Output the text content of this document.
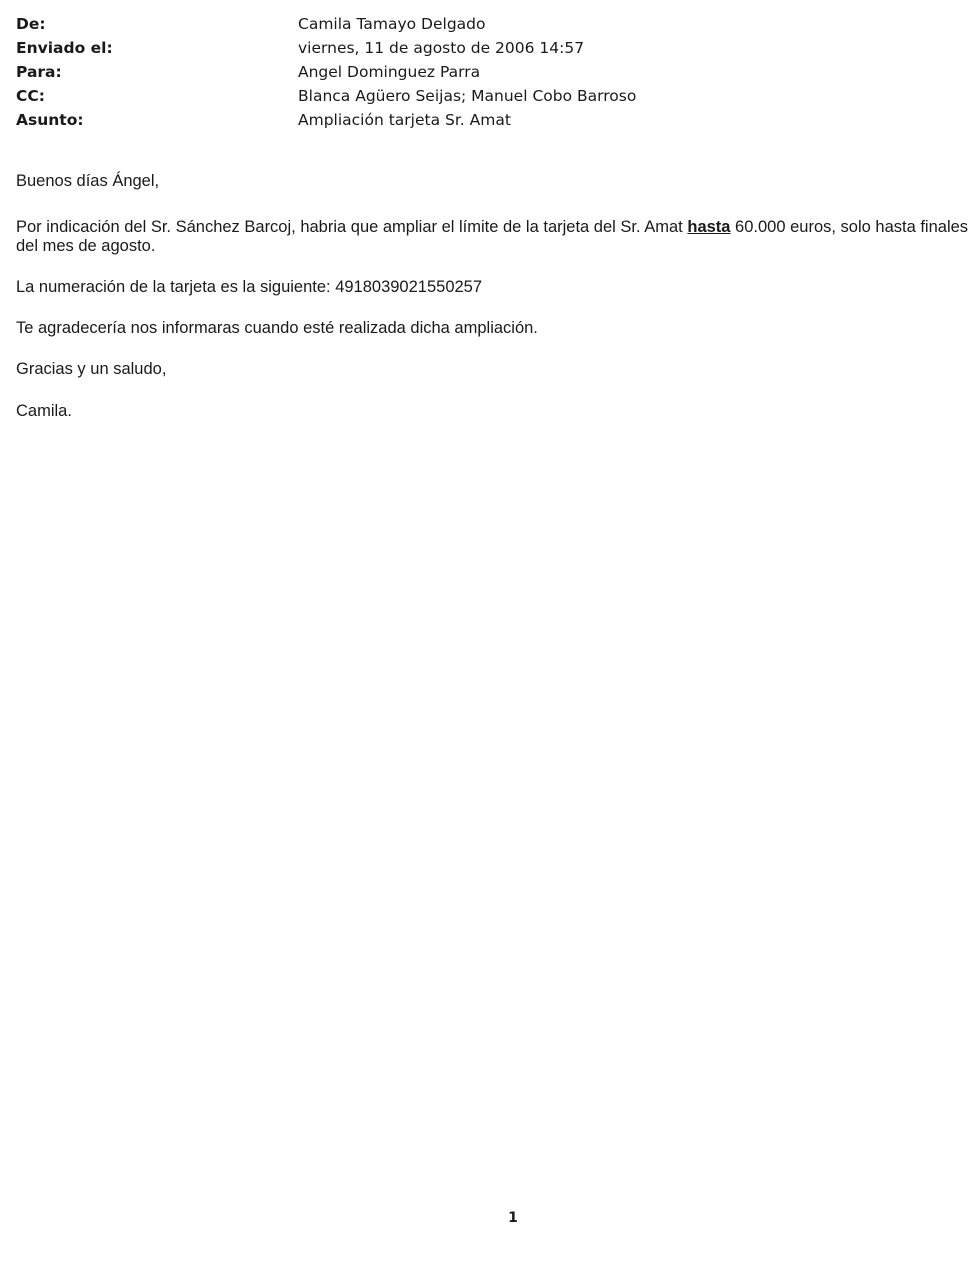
De:	Camila Tamayo Delgado
Enviado el:	viernes, 11 de agosto de 2006 14:57
Para:	Angel Dominguez Parra
CC:	Blanca Agüero Seijas; Manuel Cobo Barroso
Asunto:	Ampliación tarjeta Sr. Amat

Buenos días Ángel,

Por indicación del Sr. Sánchez Barcoj, habria que ampliar el límite de la tarjeta del Sr. Amat hasta 60.000 euros, solo hasta finales del mes de agosto.

La numeración de la tarjeta es la siguiente: 4918039021550257

Te agradecería nos informaras cuando esté realizada dicha ampliación.

Gracias y un saludo,

Camila.

1
